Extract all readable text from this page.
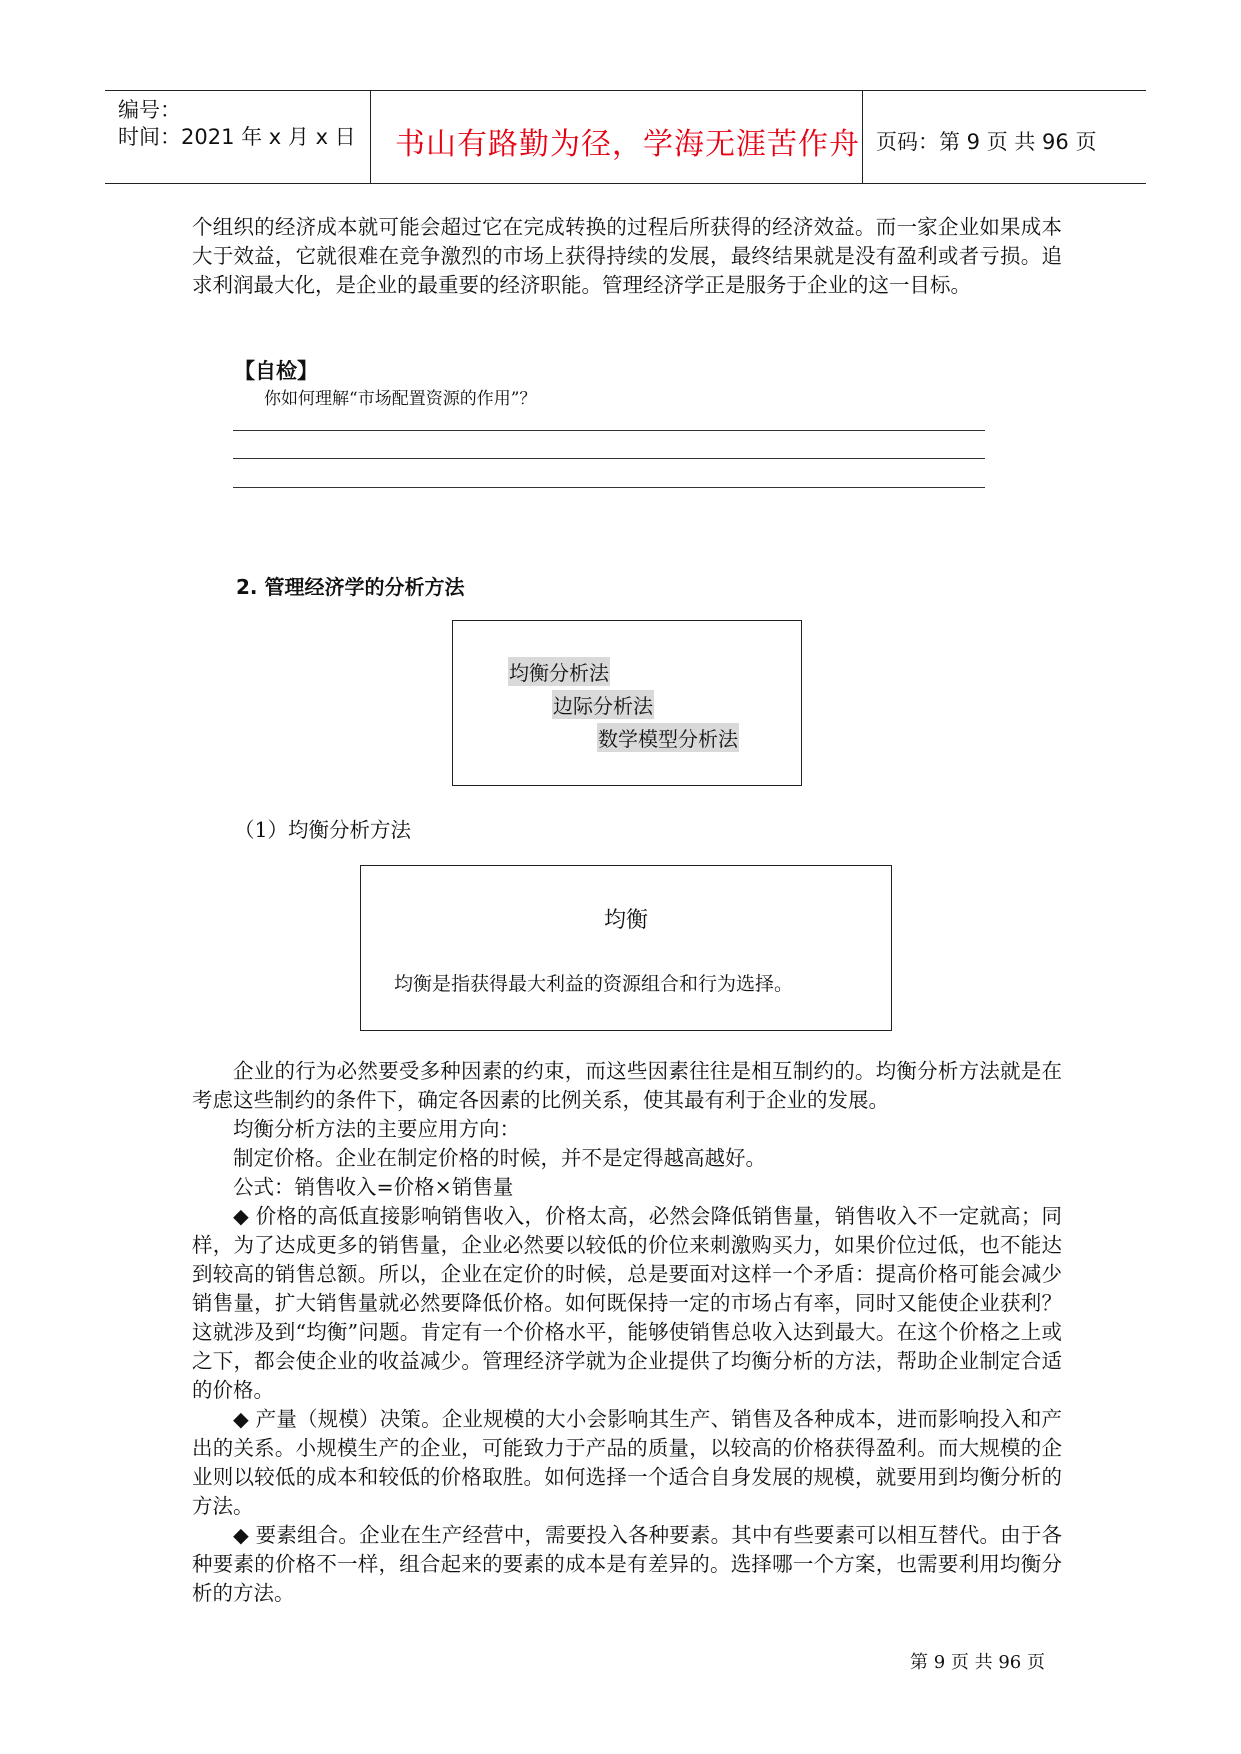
编号：
时间：2021 年 x 月 x 日 书山有路勤为径，学海无涯苦作舟 页码：第 9 页 共 96 页

个组织的经济成本就可能会超过它在完成转换的过程后所获得的经济效益。而一家企业如果成本大于效益，它就很难在竞争激烈的市场上获得持续的发展，最终结果就是没有盈利或者亏损。追求利润最大化，是企业的最重要的经济职能。管理经济学正是服务于企业的这一目标。

【自检】
你如何理解“市场配置资源的作用”？
2. 管理经济学的分析方法
均衡分析法
边际分析法
数学模型分析法
（1）均衡分析方法
均衡
均衡是指获得最大利益的资源组合和行为选择。

企业的行为必然要受多种因素的约束，而这些因素往往是相互制约的。均衡分析方法就是在考虑这些制约的条件下，确定各因素的比例关系，使其最有利于企业的发展。

均衡分析方法的主要应用方向：

制定价格。企业在制定价格的时候，并不是定得越高越好。

公式：销售收入=价格×销售量

◆ 价格的高低直接影响销售收入，价格太高，必然会降低销售量，销售收入不一定就高；同样，为了达成更多的销售量，企业必然要以较低的价位来刺激购买力，如果价位过低，也不能达到较高的销售总额。所以，企业在定价的时候，总是要面对这样一个矛盾：提高价格可能会减少销售量，扩大销售量就必然要降低价格。如何既保持一定的市场占有率，同时又能使企业获利？这就涉及到“均衡”问题。肯定有一个价格水平，能够使销售总收入达到最大。在这个价格之上或之下，都会使企业的收益减少。管理经济学就为企业提供了均衡分析的方法，帮助企业制定合适的价格。

◆ 产量（规模）决策。企业规模的大小会影响其生产、销售及各种成本，进而影响投入和产出的关系。小规模生产的企业，可能致力于产品的质量，以较高的价格获得盈利。而大规模的企业则以较低的成本和较低的价格取胜。如何选择一个适合自身发展的规模，就要用到均衡分析的方法。

◆ 要素组合。企业在生产经营中，需要投入各种要素。其中有些要素可以相互替代。由于各种要素的价格不一样，组合起来的要素的成本是有差异的。选择哪一个方案，也需要利用均衡分析的方法。

第 9 页 共 96 页
